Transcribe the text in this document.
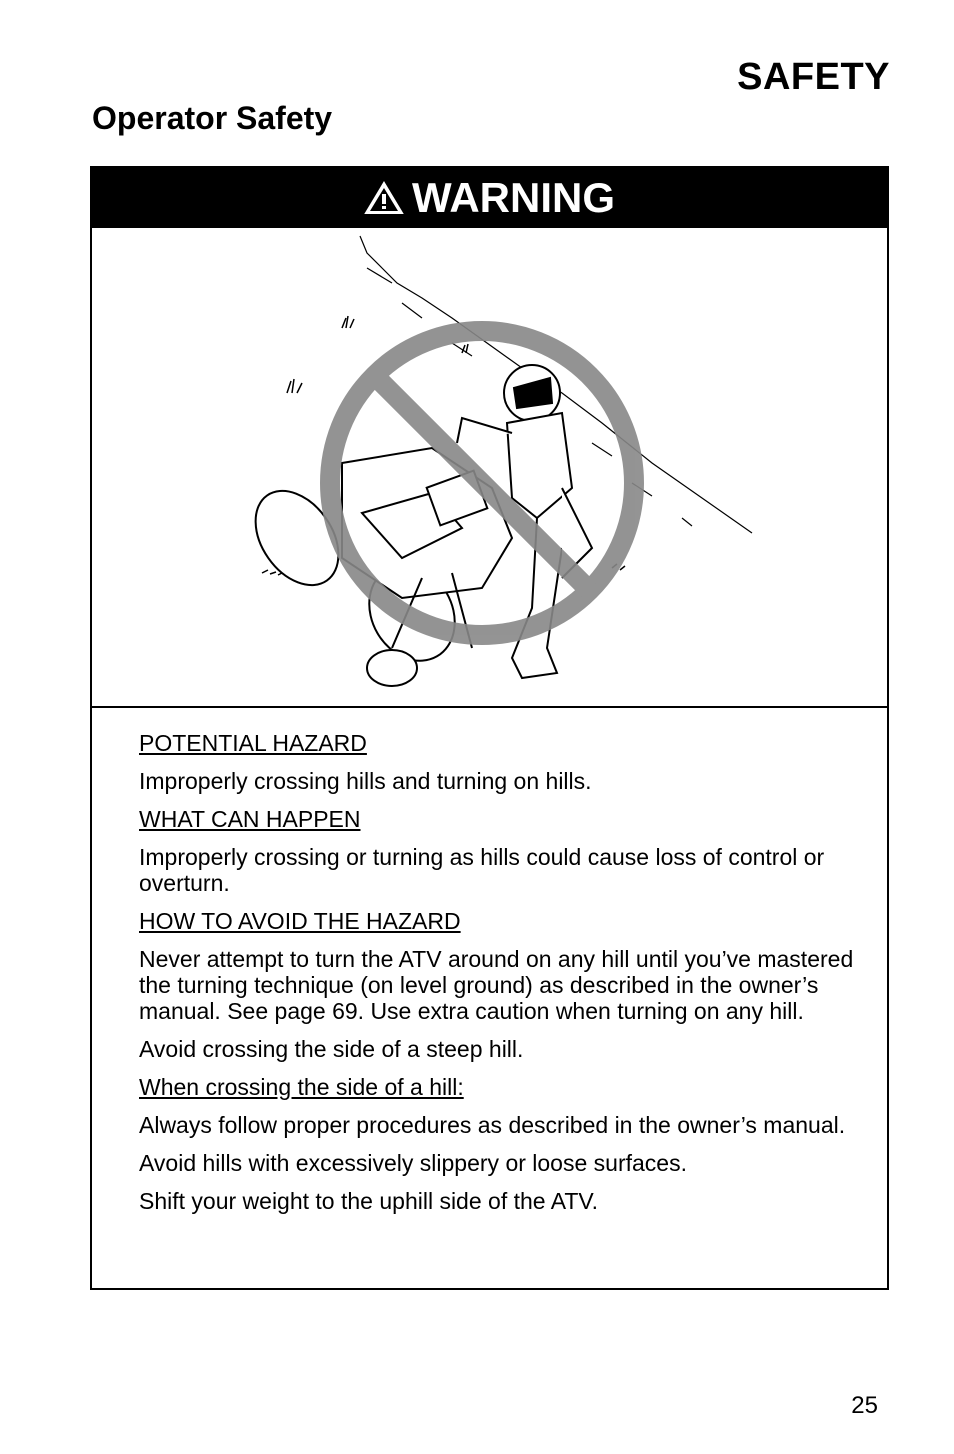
SAFETY
Operator Safety
WARNING

POTENTIAL HAZARD

Improperly crossing hills and turning on hills.

WHAT CAN HAPPEN

Improperly crossing or turning as hills could cause loss of control or overturn.

HOW TO AVOID THE HAZARD

Never attempt to turn the ATV around on any hill until you’ve mastered the turning technique (on level ground) as described in the owner’s manual. See page 69. Use extra caution when turning on any hill.

Avoid crossing the side of a steep hill.

When crossing the side of a hill:

Always follow proper procedures as described in the owner’s manual.

Avoid hills with excessively slippery or loose surfaces.

Shift your weight to the uphill side of the ATV.

25
